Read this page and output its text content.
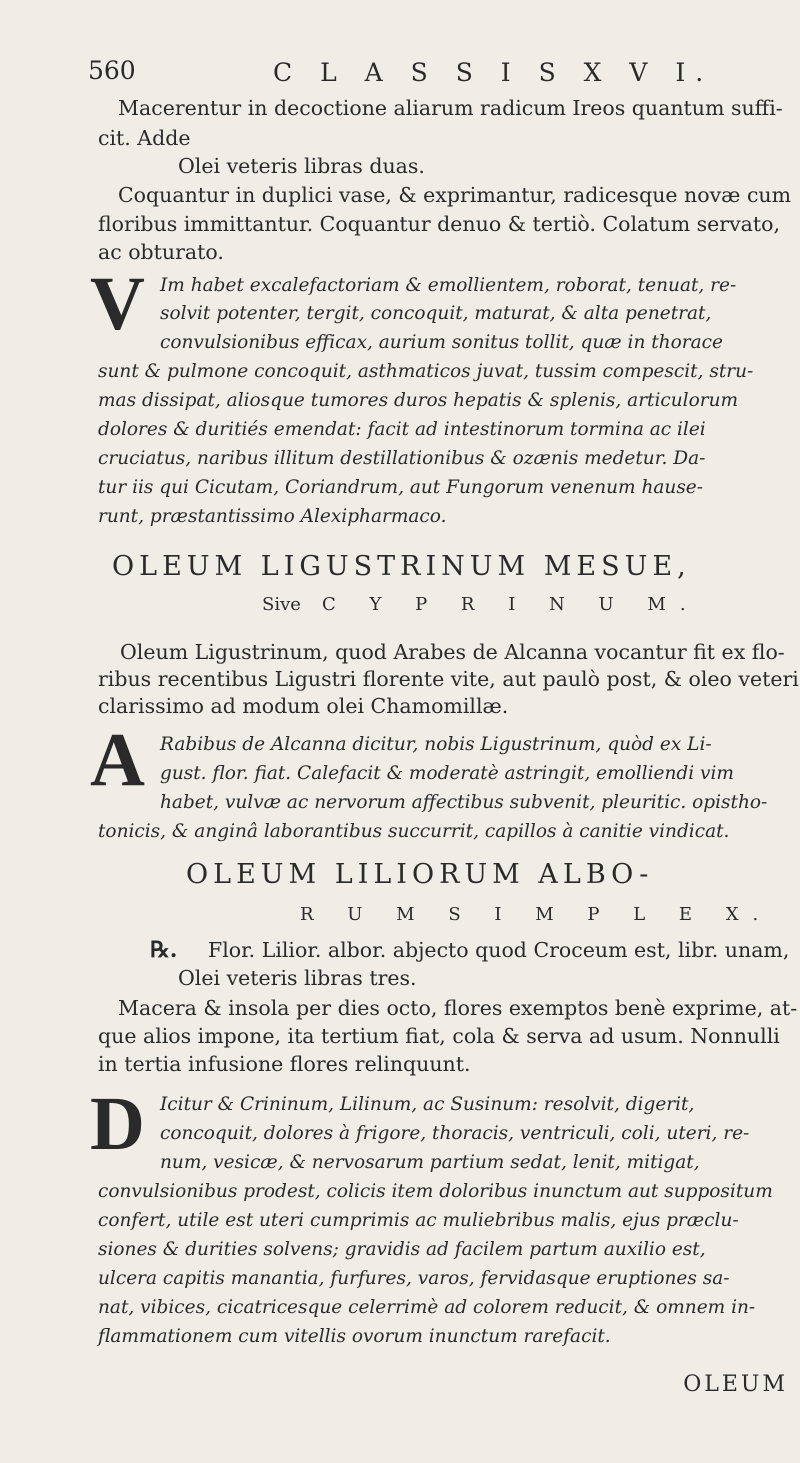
560	C L A S S I S X V I.
Macerentur in decoctione aliarum radicum Ireos quantum suffi-
cit. Adde
Olei veteris libras duas.
Coquantur in duplici vase, & exprimantur, radicesque novæ cum
floribus immittantur. Coquantur denuo & tertiò. Colatum servato,
ac obturato.
V Im habet excalefactoriam & emollientem, roborat, tenuat, re-
solvit potenter, tergit, concoquit, maturat, & alta penetrat,
convulsionibus efficax, aurium sonitus tollit, quæ in thorace
sunt & pulmone concoquit, asthmaticos juvat, tussim compescit, stru-
mas dissipat, aliosque tumores duros hepatis & splenis, articulorum
dolores & duritiés emendat: facit ad intestinorum tormina ac ilei
cruciatus, naribus illitum destillationibus & ozænis medetur. Da-
tur iis qui Cicutam, Coriandrum, aut Fungorum venenum hause-
runt, præstantissimo Alexipharmaco.
OLEUM LIGUSTRINUM MESUE,
Sive C Y P R I N U M.
Oleum Ligustrinum, quod Arabes de Alcanna vocantur fit ex flo-
ribus recentibus Ligustri florente vite, aut paulò post, & oleo veteri
clarissimo ad modum olei Chamomillæ.
A Rabibus de Alcanna dicitur, nobis Ligustrinum, quòd ex Li-
gust. flor. fiat. Calefacit & moderatè astringit, emolliendi vim
habet, vulvæ ac nervorum affectibus subvenit, pleuritic. opisthо-
tonicis, & anginâ laborantibus succurrit, capillos à canitie vindicat.
OLEUM LILIORUM ALBO-
R U M S I M P L E X.
℞. Flor. Lilior. albor. abjecto quod Croceum est, libr. unam,
Olei veteris libras tres.
Macera & insola per dies octo, flores exemptos benè exprime, at-
que alios impone, ita tertium fiat, cola & serva ad usum. Nonnulli
in tertia infusione flores relinquunt.
D Icitur & Crininum, Lilinum, ac Susinum: resolvit, digerit,
concoquit, dolores à frigore, thoracis, ventriculi, coli, uteri, re-
num, vesicæ, & nervosarum partium sedat, lenit, mitigat,
convulsionibus prodest, colicis item doloribus inunctum aut suppositum
confert, utile est uteri cumprimis ac muliebribus malis, ejus præclu-
siones & durities solvens; gravidis ad facilem partum auxilio est,
ulcera capitis manantia, furfures, varos, fervidasque eruptiones sa-
nat, vibices, cicatricesque celerrimè ad colorem reducit, & omnem in-
flammationem cum vitellis ovorum inunctum rarefacit.
OLEUM
